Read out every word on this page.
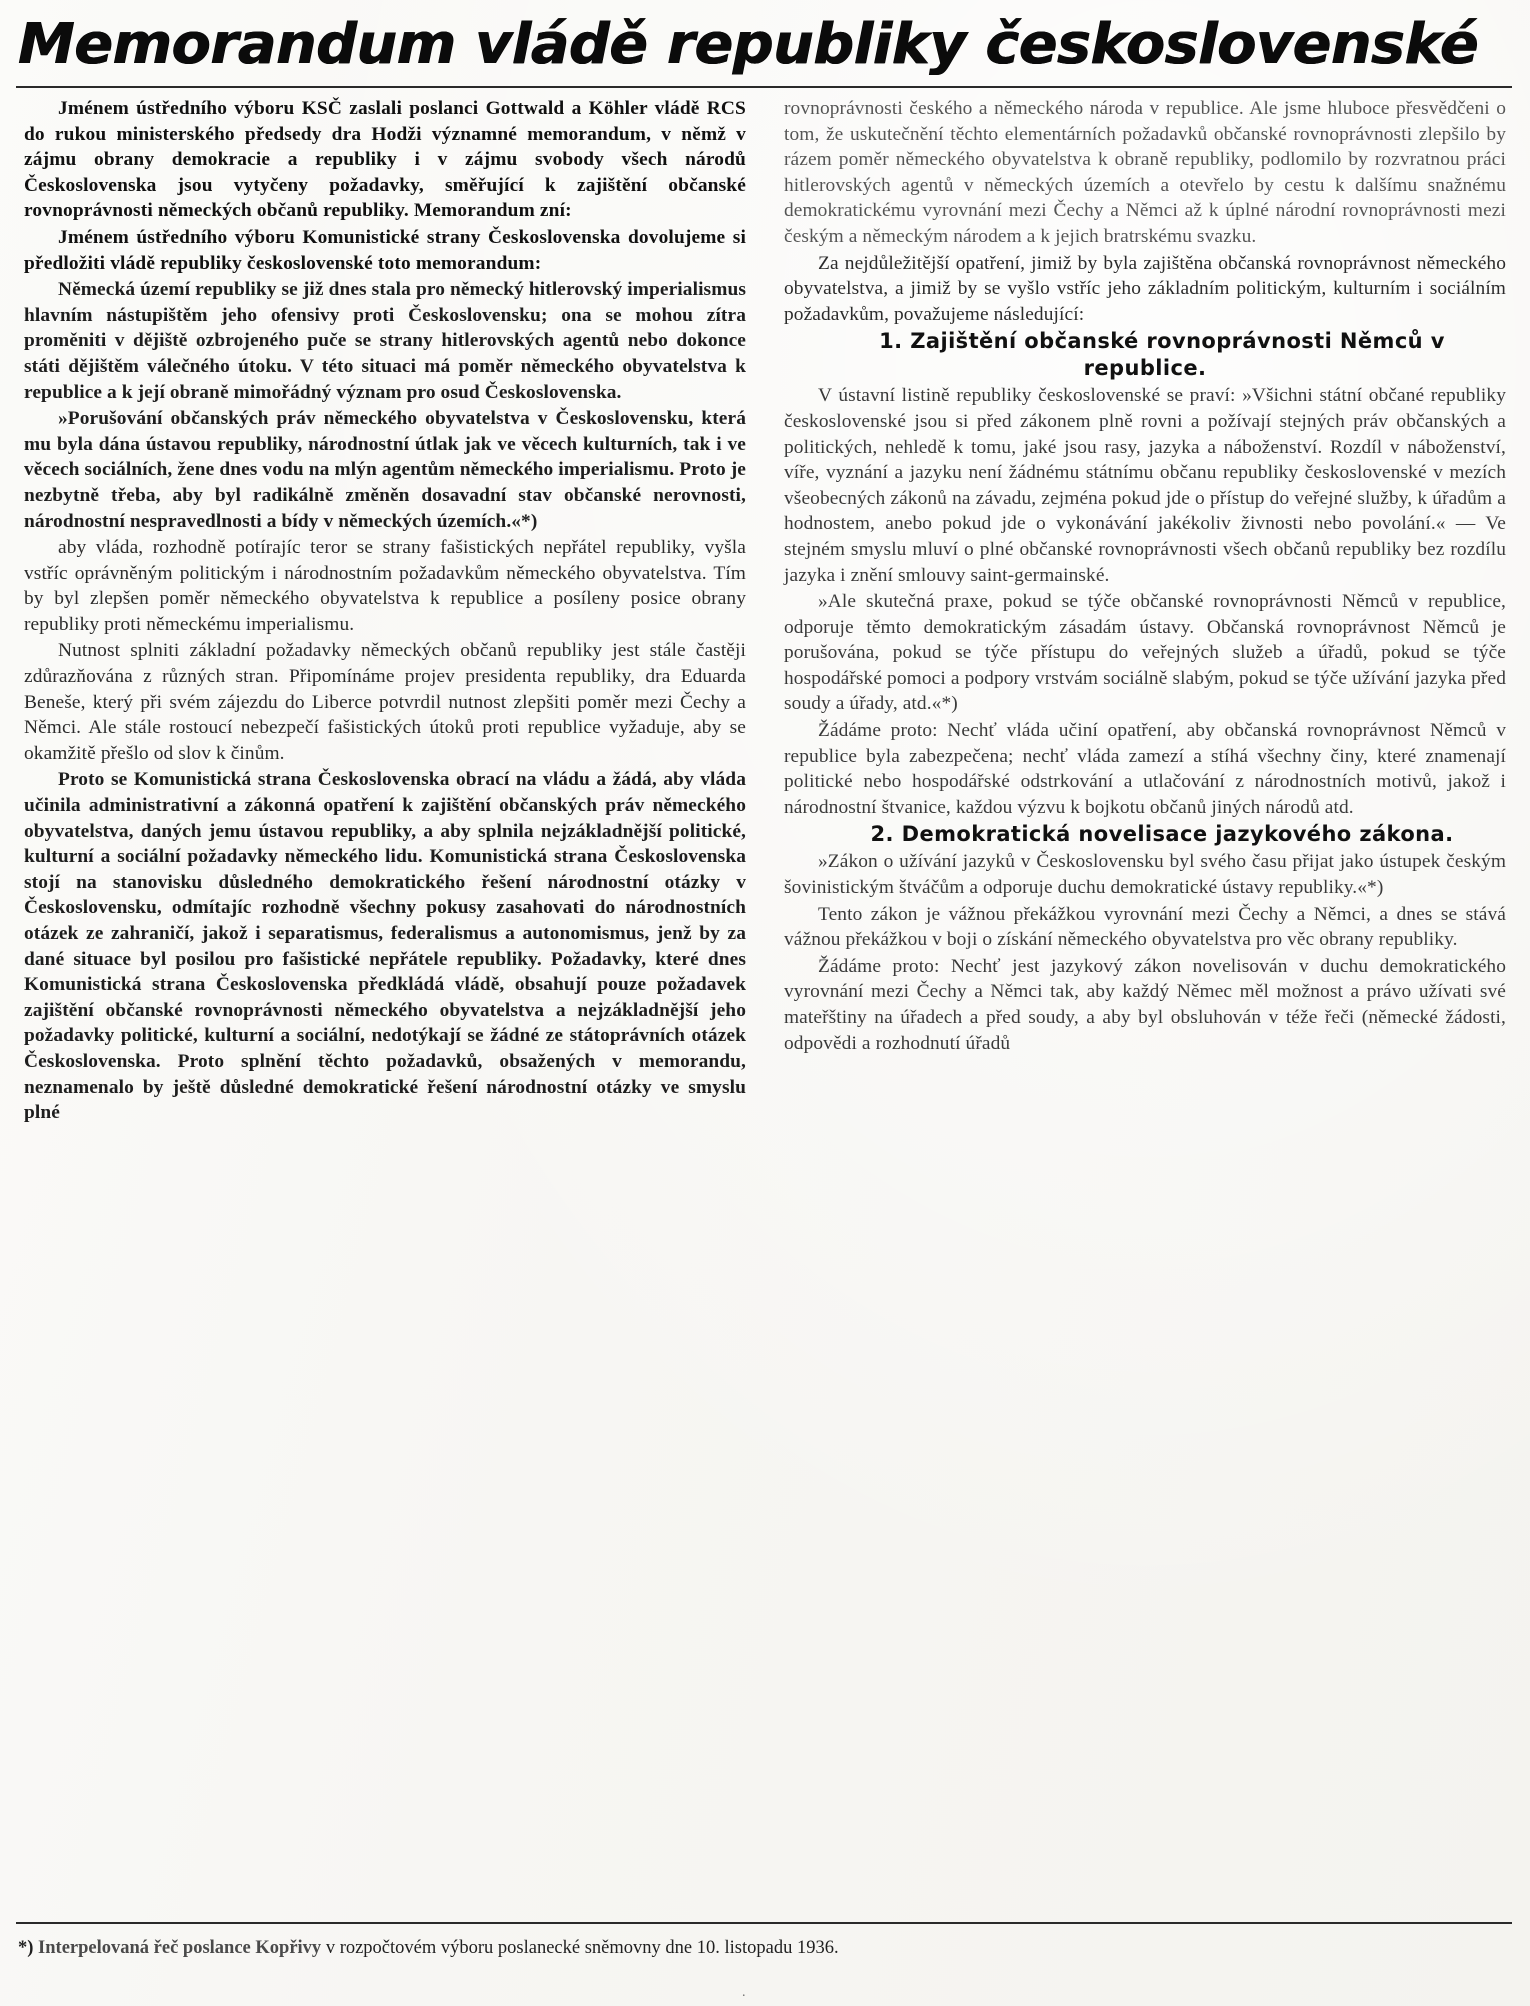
Memorandum vládě republiky československé

Jménem ústředního výboru KSČ zaslali poslanci Gottwald a Köhler vládě RCS do rukou ministerského předsedy dra Hodži významné memorandum, v němž v zájmu obrany demokracie a republiky i v zájmu svobody všech národů Československa jsou vytyčeny požadavky, směřující k zajištění občanské rovnoprávnosti německých občanů republiky. Memorandum zní:

Jménem ústředního výboru Komunistické strany Československa dovolujeme si předložiti vládě republiky československé toto memorandum:

Německá území republiky se již dnes stala pro německý hitlerovský imperialismus hlavním nástupištěm jeho ofensivy proti Československu; ona se mohou zítra proměniti v dějiště ozbrojeného puče se strany hitlerovských agentů nebo dokonce státi dějištěm válečného útoku. V této situaci má poměr německého obyvatelstva k republice a k její obraně mimořádný význam pro osud Československa.

»Porušování občanských práv německého obyvatelstva v Československu, která mu byla dána ústavou republiky, národnostní útlak jak ve věcech kulturních, tak i ve věcech sociálních, žene dnes vodu na mlýn agentům německého imperialismu. Proto je nezbytně třeba, aby byl radikálně změněn dosavadní stav občanské nerovnosti, národnostní nespravedlnosti a bídy v německých územích.«*)

aby vláda, rozhodně potírajíc teror se strany fašistických nepřátel republiky, vyšla vstříc oprávněným politickým i národnostním požadavkům německého obyvatelstva. Tím by byl zlepšen poměr německého obyvatelstva k republice a posíleny posice obrany republiky proti německému imperialismu.

Nutnost splniti základní požadavky německých občanů republiky jest stále častěji zdůrazňována z různých stran. Připomínáme projev presidenta republiky, dra Eduarda Beneše, který při svém zájezdu do Liberce potvrdil nutnost zlepšiti poměr mezi Čechy a Němci. Ale stále rostoucí nebezpečí fašistických útoků proti republice vyžaduje, aby se okamžitě přešlo od slov k činům.

Proto se Komunistická strana Československa obrací na vládu a žádá, aby vláda učinila administrativní a zákonná opatření k zajištění občanských práv německého obyvatelstva, daných jemu ústavou republiky, a aby splnila nejzákladnější politické, kulturní a sociální požadavky německého lidu. Komunistická strana Československa stojí na stanovisku důsledného demokratického řešení národnostní otázky v Československu, odmítajíc rozhodně všechny pokusy zasahovati do národnostních otázek ze zahraničí, jakož i separatismus, federalismus a autonomismus, jenž by za dané situace byl posilou pro fašistické nepřátele republiky. Požadavky, které dnes Komunistická strana Československa předkládá vládě, obsahují pouze požadavek zajištění občanské rovnoprávnosti německého obyvatelstva a nejzákladnější jeho požadavky politické, kulturní a sociální, nedotýkají se žádné ze státoprávních otázek Československa. Proto splnění těchto požadavků, obsažených v memorandu, neznamenalo by ještě důsledné demokratické řešení národnostní otázky ve smyslu plné

rovnoprávnosti českého a německého národa v republice. Ale jsme hluboce přesvědčeni o tom, že uskutečnění těchto elementárních požadavků občanské rovnoprávnosti zlepšilo by rázem poměr německého obyvatelstva k obraně republiky, podlomilo by rozvratnou práci hitlerovských agentů v německých územích a otevřelo by cestu k dalšímu snažnému demokratickému vyrovnání mezi Čechy a Němci až k úplné národní rovnoprávnosti mezi českým a německým národem a k jejich bratrskému svazku.

Za nejdůležitější opatření, jimiž by byla zajištěna občanská rovnoprávnost německého obyvatelstva, a jimiž by se vyšlo vstříc jeho základním politickým, kulturním i sociálním požadavkům, považujeme následující:

1. Zajištění občanské rovnoprávnosti Němců v republice.

V ústavní listině republiky československé se praví: »Všichni státní občané republiky československé jsou si před zákonem plně rovni a požívají stejných práv občanských a politických, nehledě k tomu, jaké jsou rasy, jazyka a náboženství. Rozdíl v náboženství, víře, vyznání a jazyku není žádnému státnímu občanu republiky československé v mezích všeobecných zákonů na závadu, zejména pokud jde o přístup do veřejné služby, k úřadům a hodnostem, anebo pokud jde o vykonávání jakékoliv živnosti nebo povolání.« — Ve stejném smyslu mluví o plné občanské rovnoprávnosti všech občanů republiky bez rozdílu jazyka i znění smlouvy saint-germainské.

»Ale skutečná praxe, pokud se týče občanské rovnoprávnosti Němců v republice, odporuje těmto demokratickým zásadám ústavy. Občanská rovnoprávnost Němců je porušována, pokud se týče přístupu do veřejných služeb a úřadů, pokud se týče hospodářské pomoci a podpory vrstvám sociálně slabým, pokud se týče užívání jazyka před soudy a úřady, atd.«*)

Žádáme proto: Nechť vláda učiní opatření, aby občanská rovnoprávnost Němců v republice byla zabezpečena; nechť vláda zamezí a stíhá všechny činy, které znamenají politické nebo hospodářské odstrkování a utlačování z národnostních motivů, jakož i národnostní štvanice, každou výzvu k bojkotu občanů jiných národů atd.

2. Demokratická novelisace jazykového zákona.

»Zákon o užívání jazyků v Československu byl svého času přijat jako ústupek českým šovinistickým štváčům a odporuje duchu demokratické ústavy republiky.«*)

Tento zákon je vážnou překážkou vyrovnání mezi Čechy a Němci, a dnes se stává vážnou překážkou v boji o získání německého obyvatelstva pro věc obrany republiky.

Žádáme proto: Nechť jest jazykový zákon novelisován v duchu demokratického vyrovnání mezi Čechy a Němci tak, aby každý Němec měl možnost a právo užívati své mateřštiny na úřadech a před soudy, a aby byl obsluhován v téže řeči (německé žádosti, odpovědi a rozhodnutí úřadů

*) Interpelovaná řeč poslance Kopřivy v rozpočtovém výboru poslanecké sněmovny dne 10. listopadu 1936.
.
